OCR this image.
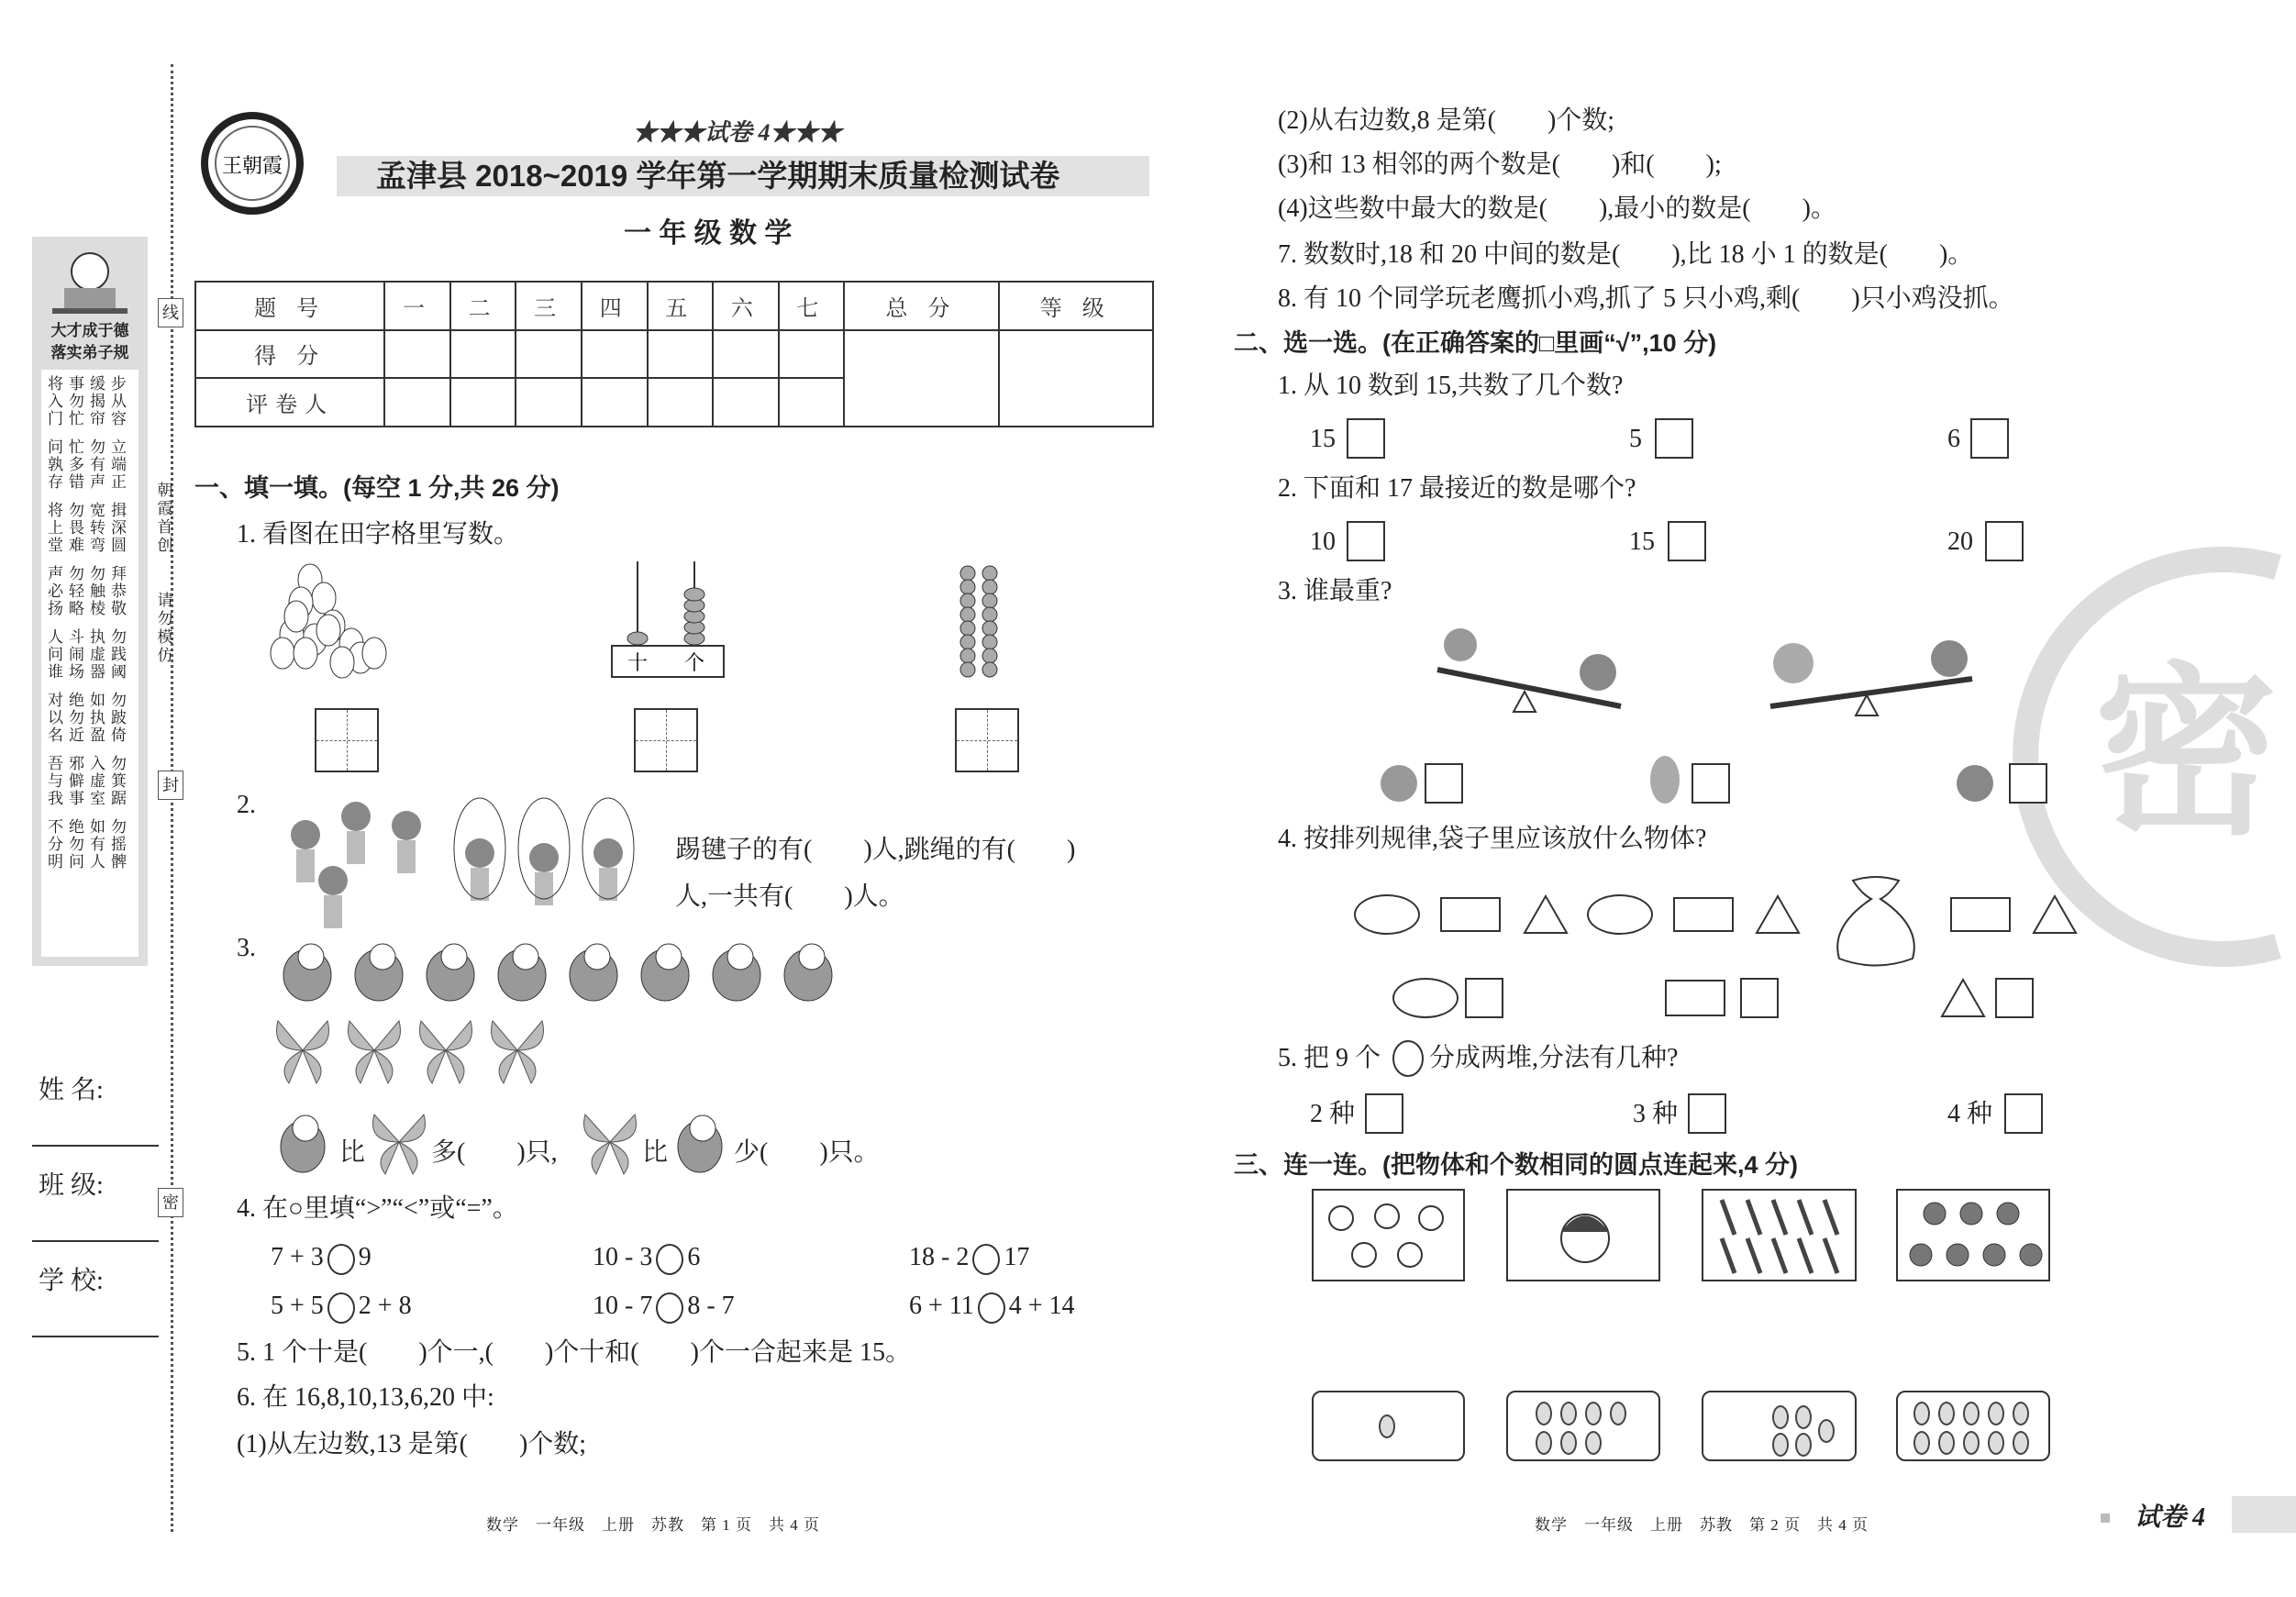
大才成于德
落实弟子规
将事缓步
入勿揭从
门忙帘容
问忙勿立
孰多有端
存错声正
将勿宽揖
上畏转深
堂难弯圆
声勿勿拜
必轻触恭
扬略棱敬
人斗执勿
问闹虚践
谁场器阈
对绝如勿
以勿执跛
名近盈倚
吾邪入勿
与僻虚箕
我事室踞
不绝如勿
分勿有摇
明问人髀
线
封
密
朝霞首创
请勿模仿
姓 名:
班 级:
学 校:
王朝霞
★★★试卷 4★★★
孟津县 2018~2019 学年第一学期期末质量检测试卷
一 年 级 数 学
题 号	一	二	三	四	五	六	七	总 分	等 级
得 分									
评卷人									
一、填一填。(每空 1 分,共 26 分)
1. 看图在田字格里写数。
十 个
2.
踢毽子的有(　　)人,跳绳的有(　　)
人,一共有(　　)人。
3.
比	多(　　)只,	比	少(　　)只。
4. 在○里填“>”“<”或“=”。
7 + 3 9	10 - 3 6	18 - 2 17
5 + 5 2 + 8	10 - 7 8 - 7	6 + 11 4 + 14
5. 1 个十是(　　)个一,(　　)个十和(　　)个一合起来是 15。
6. 在 16,8,10,13,6,20 中:
(1)从左边数,13 是第(　　)个数;
数学　一年级　上册　苏教　第 1 页　共 4 页
密
(2)从右边数,8 是第(　　)个数;
(3)和 13 相邻的两个数是(　　)和(　　);
(4)这些数中最大的数是(　　),最小的数是(　　)。
7. 数数时,18 和 20 中间的数是(　　),比 18 小 1 的数是(　　)。
8. 有 10 个同学玩老鹰抓小鸡,抓了 5 只小鸡,剩(　　)只小鸡没抓。
二、选一选。(在正确答案的□里画“√”,10 分)
1. 从 10 数到 15,共数了几个数?
15	5	6
2. 下面和 17 最接近的数是哪个?
10	15	20
3. 谁最重?
4. 按排列规律,袋子里应该放什么物体?
5. 把 9 个 分成两堆,分法有几种?
2 种	3 种	4 种
三、连一连。(把物体和个数相同的圆点连起来,4 分)
数学　一年级　上册　苏教　第 2 页　共 4 页	试卷 4
